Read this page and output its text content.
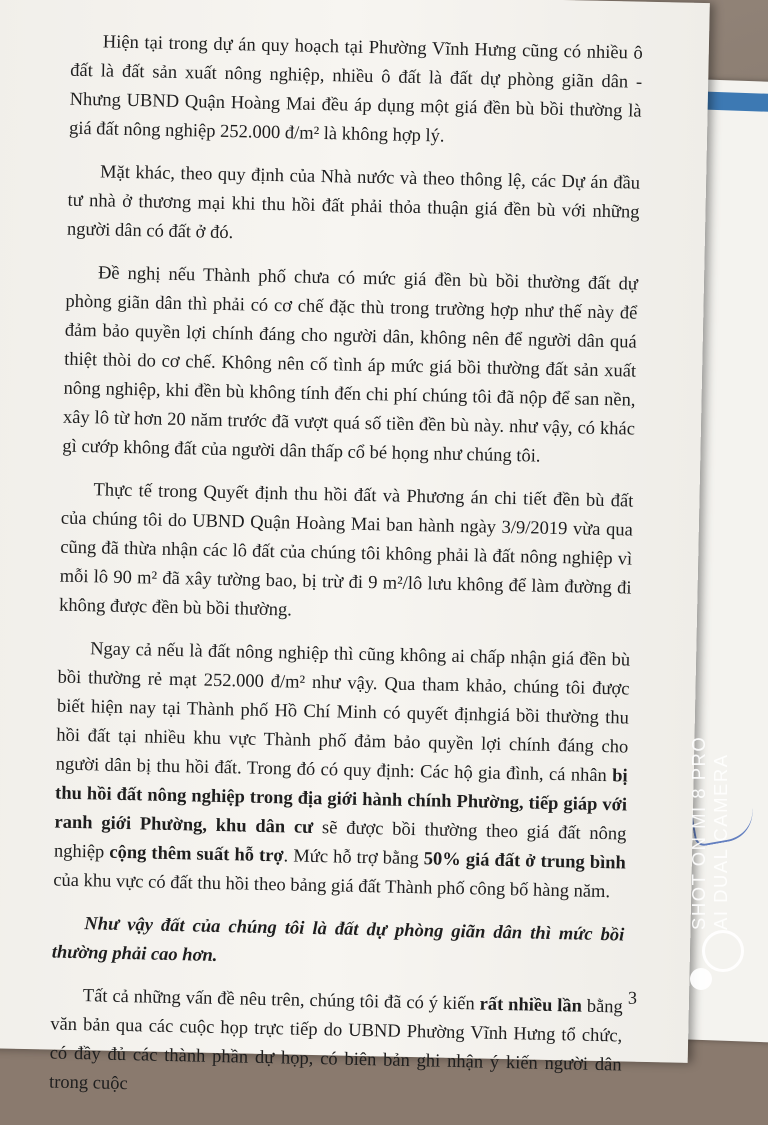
Hiện tại trong dự án quy hoạch tại Phường Vĩnh Hưng cũng có nhiều ô đất là đất sản xuất nông nghiệp, nhiều ô đất là đất dự phòng giãn dân - Nhưng UBND Quận Hoàng Mai đều áp dụng một giá đền bù bồi thường là giá đất nông nghiệp 252.000 đ/m² là không hợp lý.

Mặt khác, theo quy định của Nhà nước và theo thông lệ, các Dự án đầu tư nhà ở thương mại khi thu hồi đất phải thỏa thuận giá đền bù với những người dân có đất ở đó.

Đề nghị nếu Thành phố chưa có mức giá đền bù bồi thường đất dự phòng giãn dân thì phải có cơ chế đặc thù trong trường hợp như thế này để đảm bảo quyền lợi chính đáng cho người dân, không nên để người dân quá thiệt thòi do cơ chế. Không nên cố tình áp mức giá bồi thường đất sản xuất nông nghiệp, khi đền bù không tính đến chi phí chúng tôi đã nộp để san nền, xây lô từ hơn 20 năm trước đã vượt quá số tiền đền bù này. như vậy, có khác gì cướp không đất của người dân thấp cổ bé họng như chúng tôi.

Thực tế trong Quyết định thu hồi đất và Phương án chi tiết đền bù đất của chúng tôi do UBND Quận Hoàng Mai ban hành ngày 3/9/2019 vừa qua cũng đã thừa nhận các lô đất của chúng tôi không phải là đất nông nghiệp vì mỗi lô 90 m² đã xây tường bao, bị trừ đi 9 m²/lô lưu không để làm đường đi không được đền bù bồi thường.

Ngay cả nếu là đất nông nghiệp thì cũng không ai chấp nhận giá đền bù bồi thường rẻ mạt 252.000 đ/m² như vậy. Qua tham khảo, chúng tôi được biết hiện nay tại Thành phố Hồ Chí Minh có quyết địnhgiá bồi thường thu hồi đất tại nhiều khu vực Thành phố đảm bảo quyền lợi chính đáng cho người dân bị thu hồi đất. Trong đó có quy định: Các hộ gia đình, cá nhân bị thu hồi đất nông nghiệp trong địa giới hành chính Phường, tiếp giáp với ranh giới Phường, khu dân cư sẽ được bồi thường theo giá đất nông nghiệp cộng thêm suất hỗ trợ. Mức hỗ trợ bằng 50% giá đất ở trung bình của khu vực có đất thu hồi theo bảng giá đất Thành phố công bố hàng năm.

Như vậy đất của chúng tôi là đất dự phòng giãn dân thì mức bồi thường phải cao hơn.

Tất cả những vấn đề nêu trên, chúng tôi đã có ý kiến rất nhiều lần bằng văn bản qua các cuộc họp trực tiếp do UBND Phường Vĩnh Hưng tổ chức, có đầy đủ các thành phần dự họp, có biên bản ghi nhận ý kiến người dân trong cuộc

3
SHOT ON MI 8 PRO AI DUAL CAMERA
